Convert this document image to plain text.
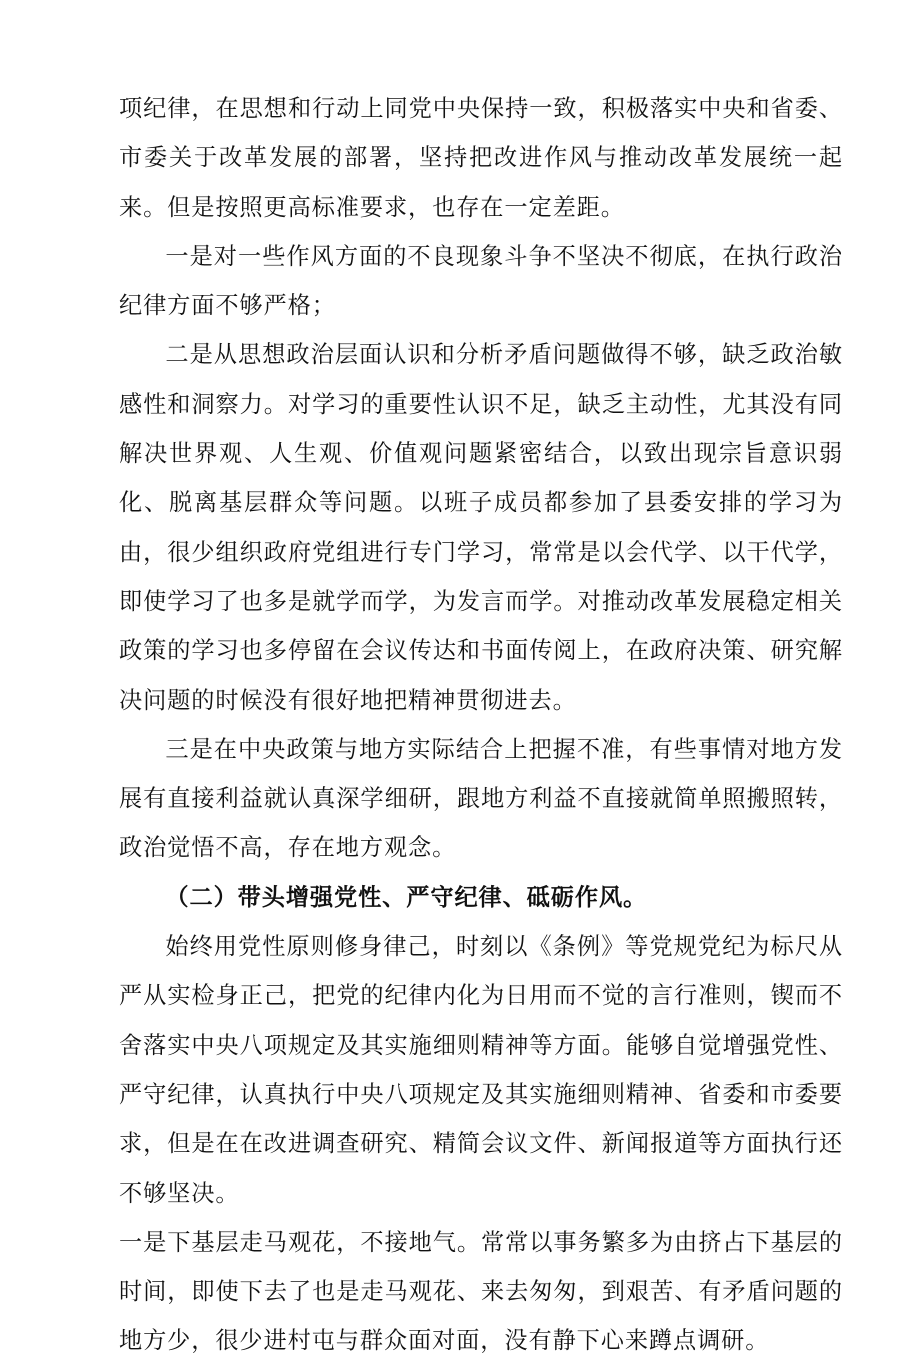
项纪律，在思想和行动上同党中央保持一致，积极落实中央和省委、市委关于改革发展的部署，坚持把改进作风与推动改革发展统一起来。但是按照更高标准要求，也存在一定差距。

一是对一些作风方面的不良现象斗争不坚决不彻底，在执行政治纪律方面不够严格；

二是从思想政治层面认识和分析矛盾问题做得不够，缺乏政治敏感性和洞察力。对学习的重要性认识不足，缺乏主动性，尤其没有同解决世界观、人生观、价值观问题紧密结合，以致出现宗旨意识弱化、脱离基层群众等问题。以班子成员都参加了县委安排的学习为由，很少组织政府党组进行专门学习，常常是以会代学、以干代学，即使学习了也多是就学而学，为发言而学。对推动改革发展稳定相关政策的学习也多停留在会议传达和书面传阅上，在政府决策、研究解决问题的时候没有很好地把精神贯彻进去。

三是在中央政策与地方实际结合上把握不准，有些事情对地方发展有直接利益就认真深学细研，跟地方利益不直接就简单照搬照转，政治觉悟不高，存在地方观念。

（二）带头增强党性、严守纪律、砥砺作风。

始终用党性原则修身律己，时刻以《条例》等党规党纪为标尺从严从实检身正己，把党的纪律内化为日用而不觉的言行准则，锲而不舍落实中央八项规定及其实施细则精神等方面。能够自觉增强党性、严守纪律，认真执行中央八项规定及其实施细则精神、省委和市委要求，但是在在改进调查研究、精简会议文件、新闻报道等方面执行还不够坚决。

一是下基层走马观花，不接地气。常常以事务繁多为由挤占下基层的时间，即使下去了也是走马观花、来去匆匆，到艰苦、有矛盾问题的地方少，很少进村屯与群众面对面，没有静下心来蹲点调研。
